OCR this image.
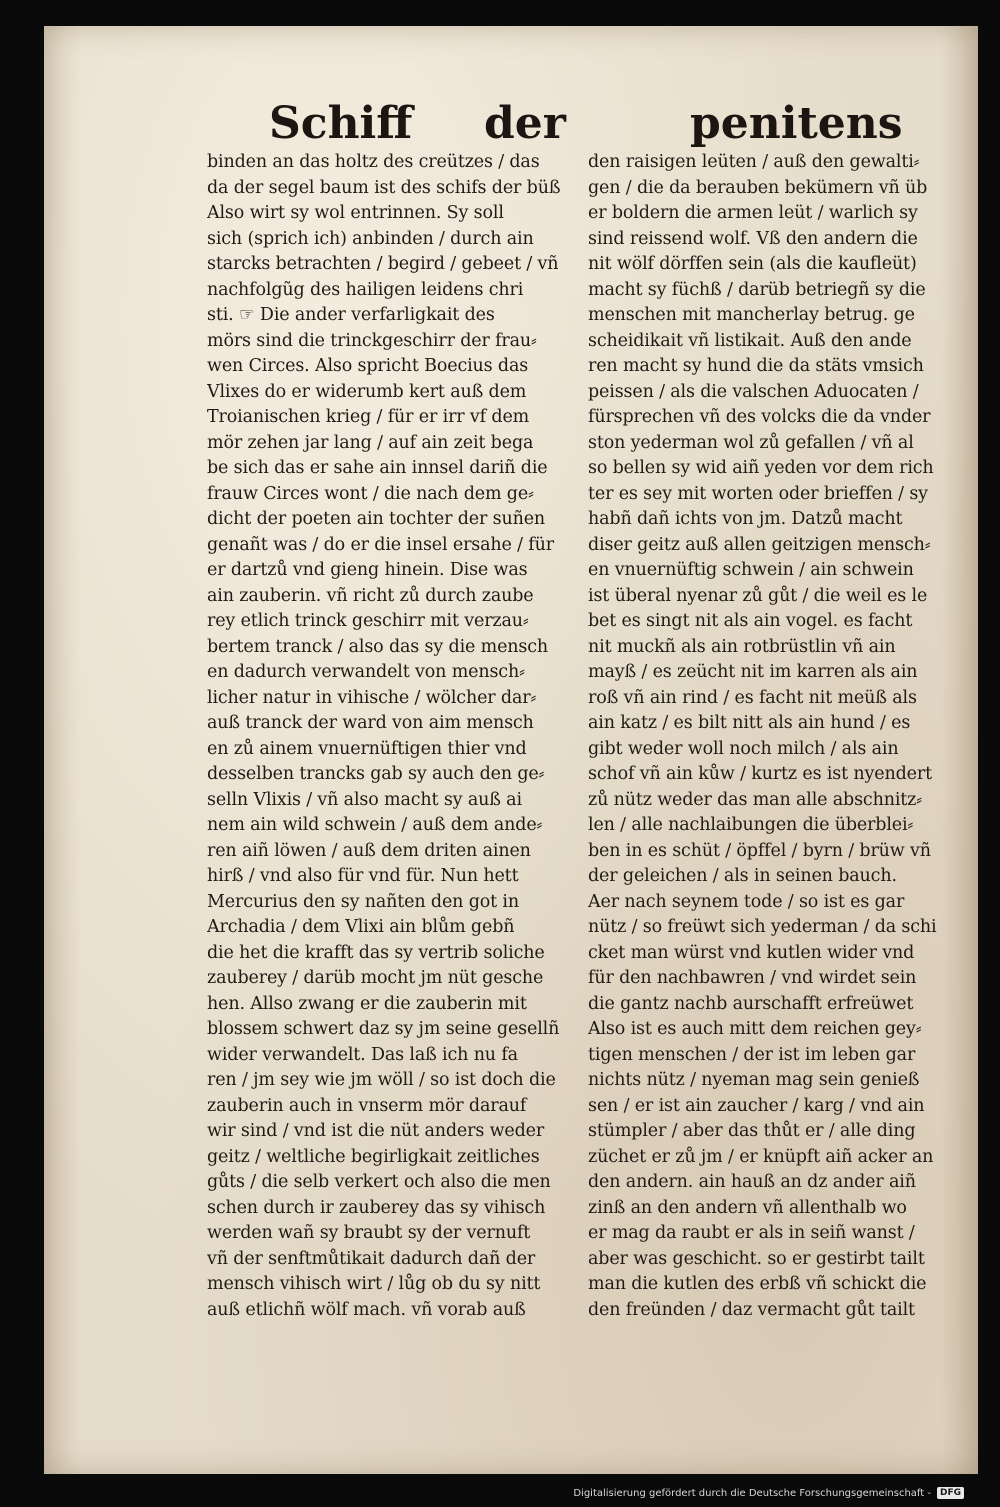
Schiff der	penitens
binden an das holtz des creützes / das
da der segel baum ist des schifs der büß
Also wirt sy wol entrinnen. Sy soll
sich (sprich ich) anbinden / durch ain
starcks betrachten / begird / gebeet / vñ
nachfolgũg des hailigen leidens chri
sti. ☞ Die ander verfarligkait des
mörs sind die trinckgeschirr der frau⸗
wen Circes. Also spricht Boecius das
Vlixes do er widerumb kert auß dem
Troianischen krieg / für er irr vf dem
mör zehen jar lang / auf ain zeit bega
be sich das er sahe ain innsel dariñ die
frauw Circes wont / die nach dem ge⸗
dicht der poeten ain tochter der suñen
genañt was / do er die insel ersahe / für
er dartzů vnd gieng hinein. Dise was
ain zauberin. vñ richt zů durch zaube
rey etlich trinck geschirr mit verzau⸗
bertem tranck / also das sy die mensch
en dadurch verwandelt von mensch⸗
licher natur in vihische / wölcher dar⸗
auß tranck der ward von aim mensch
en zů ainem vnuernüftigen thier vnd
desselben trancks gab sy auch den ge⸗
selln Vlixis / vñ also macht sy auß ai
nem ain wild schwein / auß dem ande⸗
ren aiñ löwen / auß dem driten ainen
hirß / vnd also für vnd für. Nun hett
Mercurius den sy nañten den got in
Archadia / dem Vlixi ain blům gebñ
die het die krafft das sy vertrib soliche
zauberey / darüb mocht jm nüt gesche
hen. Allso zwang er die zauberin mit
blossem schwert daz sy jm seine gesellñ
wider verwandelt. Das laß ich nu fa
ren / jm sey wie jm wöll / so ist doch die
zauberin auch in vnserm mör darauf
wir sind / vnd ist die nüt anders weder
geitz / weltliche begirligkait zeitliches
gůts / die selb verkert och also die men
schen durch ir zauberey das sy vihisch
werden wañ sy braubt sy der vernuft
vñ der senftmůtikait dadurch dañ der
mensch vihisch wirt / lůg ob du sy nitt
auß etlichñ wölf mach. vñ vorab auß
den raisigen leüten / auß den gewalti⸗
gen / die da berauben bekümern vñ üb
er boldern die armen leüt / warlich sy
sind reissend wolf. Vß den andern die
nit wölf dörffen sein (als die kaufleüt)
macht sy füchß / darüb betriegñ sy die
menschen mit mancherlay betrug. ge
scheidikait vñ listikait. Auß den ande
ren macht sy hund die da stäts vmsich
peissen / als die valschen Aduocaten /
fürsprechen vñ des volcks die da vnder
ston yederman wol zů gefallen / vñ al
so bellen sy wid aiñ yeden vor dem rich
ter es sey mit worten oder brieffen / sy
habñ dañ ichts von jm. Datzů macht
diser geitz auß allen geitzigen mensch⸗
en vnuernüftig schwein / ain schwein
ist überal nyenar zů gůt / die weil es le
bet es singt nit als ain vogel. es facht
nit muckñ als ain rotbrüstlin vñ ain
mayß / es zeücht nit im karren als ain
roß vñ ain rind / es facht nit meüß als
ain katz / es bilt nitt als ain hund / es
gibt weder woll noch milch / als ain
schof vñ ain kůw / kurtz es ist nyendert
zů nütz weder das man alle abschnitz⸗
len / alle nachlaibungen die überblei⸗
ben in es schüt / öpffel / byrn / brüw vñ
der geleichen / als in seinen bauch.
Aer nach seynem tode / so ist es gar
nütz / so freüwt sich yederman / da schi
cket man würst vnd kutlen wider vnd
für den nachbawren / vnd wirdet sein
die gantz nachb aurschafft erfreüwet
Also ist es auch mitt dem reichen gey⸗
tigen menschen / der ist im leben gar
nichts nütz / nyeman mag sein genieß
sen / er ist ain zaucher / karg / vnd ain
stümpler / aber das thůt er / alle ding
züchet er zů jm / er knüpft aiñ acker an
den andern. ain hauß an dz ander aiñ
zinß an den andern vñ allenthalb wo
er mag da raubt er als in seiñ wanst /
aber was geschicht. so er gestirbt tailt
man die kutlen des erbß vñ schickt die
den freünden / daz vermacht gůt tailt
Digitalisierung gefördert durch die Deutsche Forschungsgemeinschaft -	DFG
